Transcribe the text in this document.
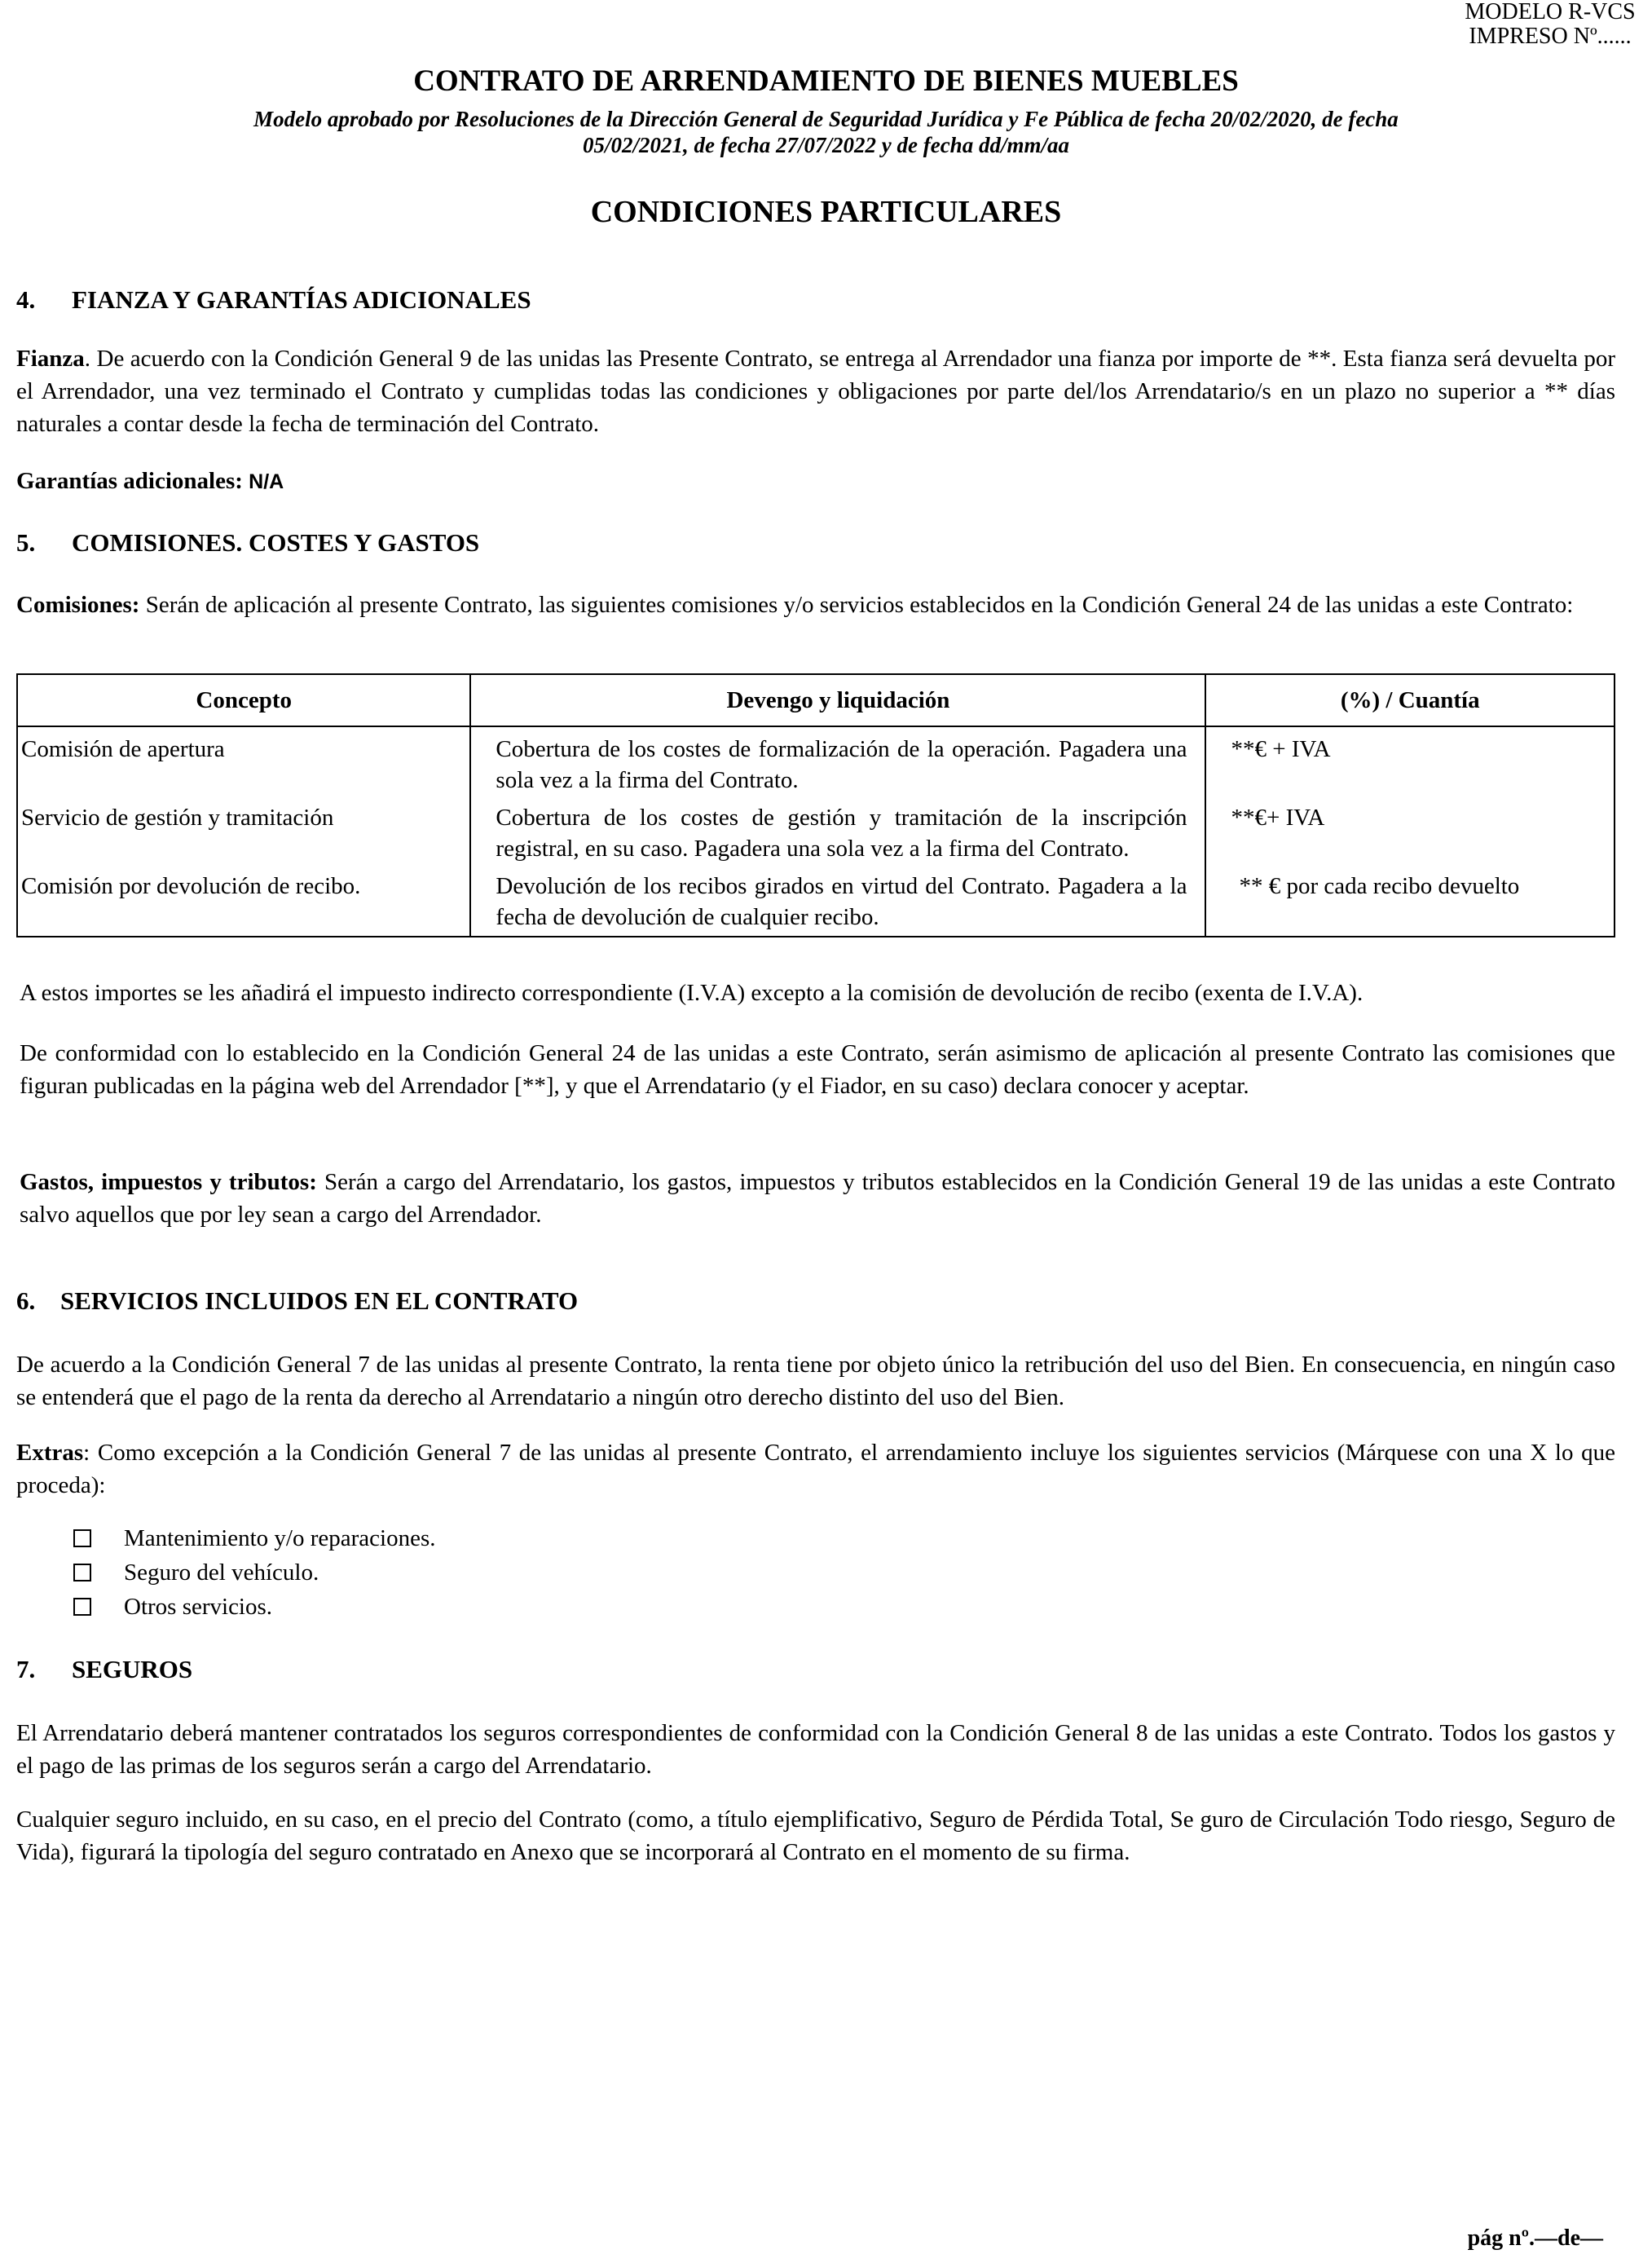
MODELO R-VCS
IMPRESO Nº......
CONTRATO DE ARRENDAMIENTO DE BIENES MUEBLES
Modelo aprobado por Resoluciones de la Dirección General de Seguridad Jurídica y Fe Pública de fecha 20/02/2020, de fecha
05/02/2021, de fecha 27/07/2022 y de fecha dd/mm/aa
CONDICIONES PARTICULARES
4. FIANZA Y GARANTÍAS ADICIONALES
Fianza. De acuerdo con la Condición General 9 de las unidas las Presente Contrato, se entrega al Arrendador una fianza por importe de **. Esta fianza será devuelta por el Arrendador, una vez terminado el Contrato y cumplidas todas las condiciones y obligaciones por parte del/los Arrendatario/s en un plazo no superior a ** días naturales a contar desde la fecha de terminación del Contrato.
Garantías adicionales: N/A
5. COMISIONES. COSTES Y GASTOS
Comisiones: Serán de aplicación al presente Contrato, las siguientes comisiones y/o servicios establecidos en la Condición General 24 de las unidas a este Contrato:
Concepto	Devengo y liquidación	(%) / Cuantía
Comisión de apertura	Cobertura de los costes de formalización de la operación. Pagadera una sola vez a la firma del Contrato.	**€ + IVA
Servicio de gestión y tramitación	Cobertura de los costes de gestión y tramitación de la inscripción registral, en su caso. Pagadera una sola vez a la firma del Contrato.	**€+ IVA
Comisión por devolución de recibo.	Devolución de los recibos girados en virtud del Contrato. Pagadera a la fecha de devolución de cualquier recibo.	** € por cada recibo devuelto
A estos importes se les añadirá el impuesto indirecto correspondiente (I.V.A) excepto a la comisión de devolución de recibo (exenta de I.V.A).
De conformidad con lo establecido en la Condición General 24 de las unidas a este Contrato, serán asimismo de aplicación al presente Contrato las comisiones que figuran publicadas en la página web del Arrendador [**], y que el Arrendatario (y el Fiador, en su caso) declara conocer y aceptar.
Gastos, impuestos y tributos: Serán a cargo del Arrendatario, los gastos, impuestos y tributos establecidos en la Condición General 19 de las unidas a este Contrato salvo aquellos que por ley sean a cargo del Arrendador.
6. SERVICIOS INCLUIDOS EN EL CONTRATO
De acuerdo a la Condición General 7 de las unidas al presente Contrato, la renta tiene por objeto único la retribución del uso del Bien. En consecuencia, en ningún caso se entenderá que el pago de la renta da derecho al Arrendatario a ningún otro derecho distinto del uso del Bien.
Extras: Como excepción a la Condición General 7 de las unidas al presente Contrato, el arrendamiento incluye los siguientes servicios (Márquese con una X lo que proceda):
Mantenimiento y/o reparaciones.
Seguro del vehículo.
Otros servicios.
7. SEGUROS
El Arrendatario deberá mantener contratados los seguros correspondientes de conformidad con la Condición General 8 de las unidas a este Contrato. Todos los gastos y el pago de las primas de los seguros serán a cargo del Arrendatario.
Cualquier seguro incluido, en su caso, en el precio del Contrato (como, a título ejemplificativo, Seguro de Pérdida Total, Se guro de Circulación Todo riesgo, Seguro de Vida), figurará la tipología del seguro contratado en Anexo que se incorporará al Contrato en el momento de su firma.
pág nº.—de—
